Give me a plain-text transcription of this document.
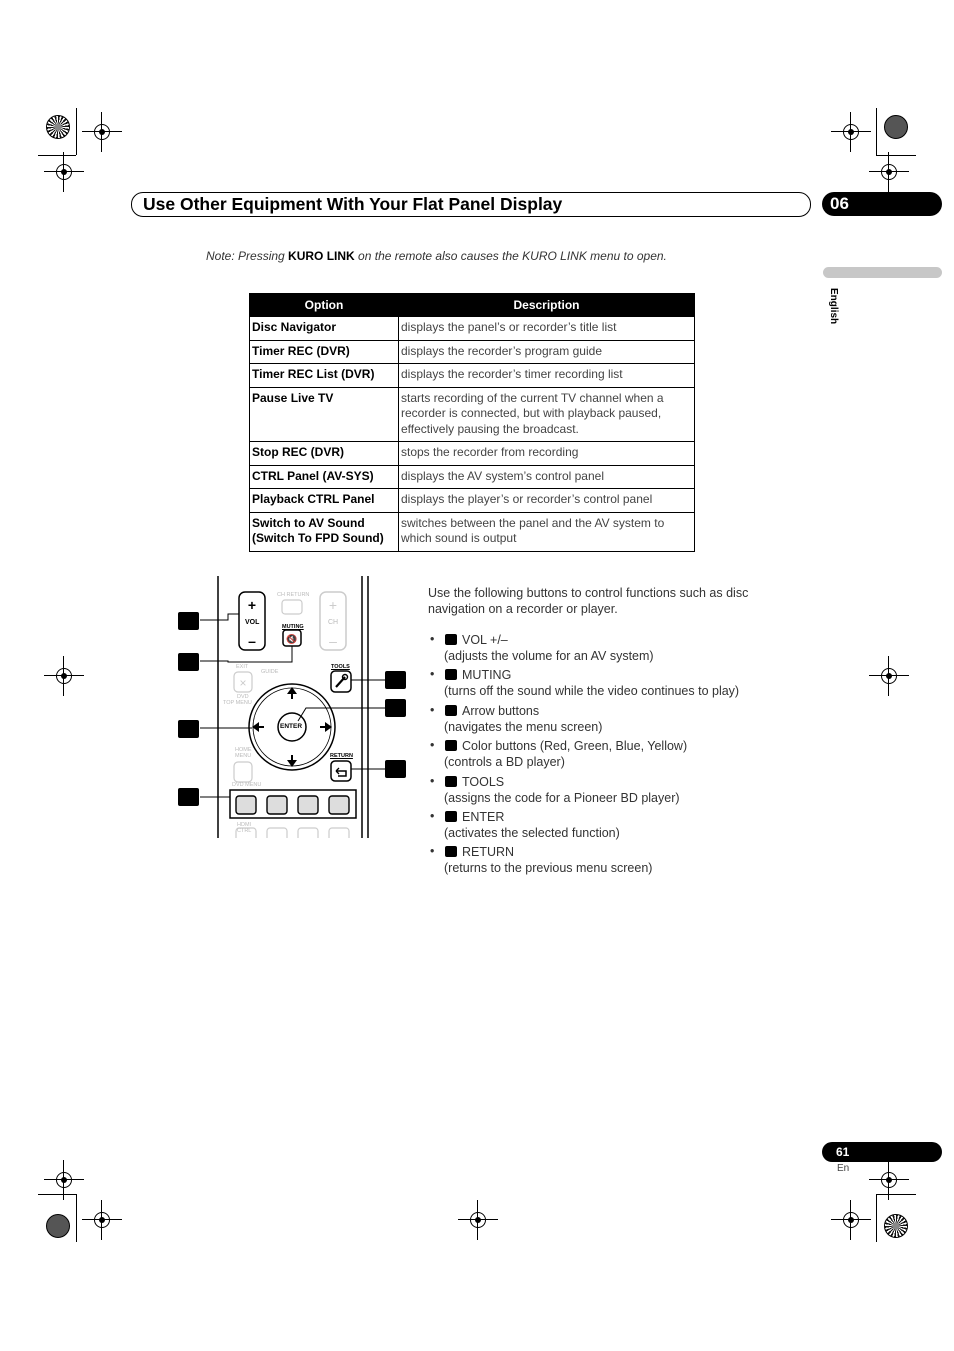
Use Other Equipment With Your Flat Panel Display	06
English
Note: Pressing KURO LINK on the remote also causes the KURO LINK menu to open.
Option	Description
Disc Navigator	displays the panel’s or recorder’s title list
Timer REC (DVR)	displays the recorder’s program guide
Timer REC List (DVR)	displays the recorder’s timer recording list
Pause Live TV	starts recording of the current TV channel when a recorder is connected, but with playback paused, effectively pausing the broadcast.
Stop REC (DVR)	stops the recorder from recording
CTRL Panel (AV-SYS)	displays the AV system’s control panel
Playback CTRL Panel	displays the player’s or recorder’s control panel
Switch to AV Sound (Switch To FPD Sound)	switches between the panel and the AV system to which sound is output
+
–
+
–
🔇
×
VOL	CH
CH RETURN
MUTING
EXIT
GUIDE
TOOLS
ENTER
RETURN
DVD
TOP MENU
HOME MENU
DVD MENU
HDMI CTRL
Use the following buttons to control functions such as disc navigation on a recorder or player.
• VOL +/–
(adjusts the volume for an AV system)
• MUTING
(turns off the sound while the video continues to play)
• Arrow buttons
(navigates the menu screen)
• Color buttons (Red, Green, Blue, Yellow)
(controls a BD player)
• TOOLS
(assigns the code for a Pioneer BD player)
• ENTER
(activates the selected function)
• RETURN
(returns to the previous menu screen)
61
En
